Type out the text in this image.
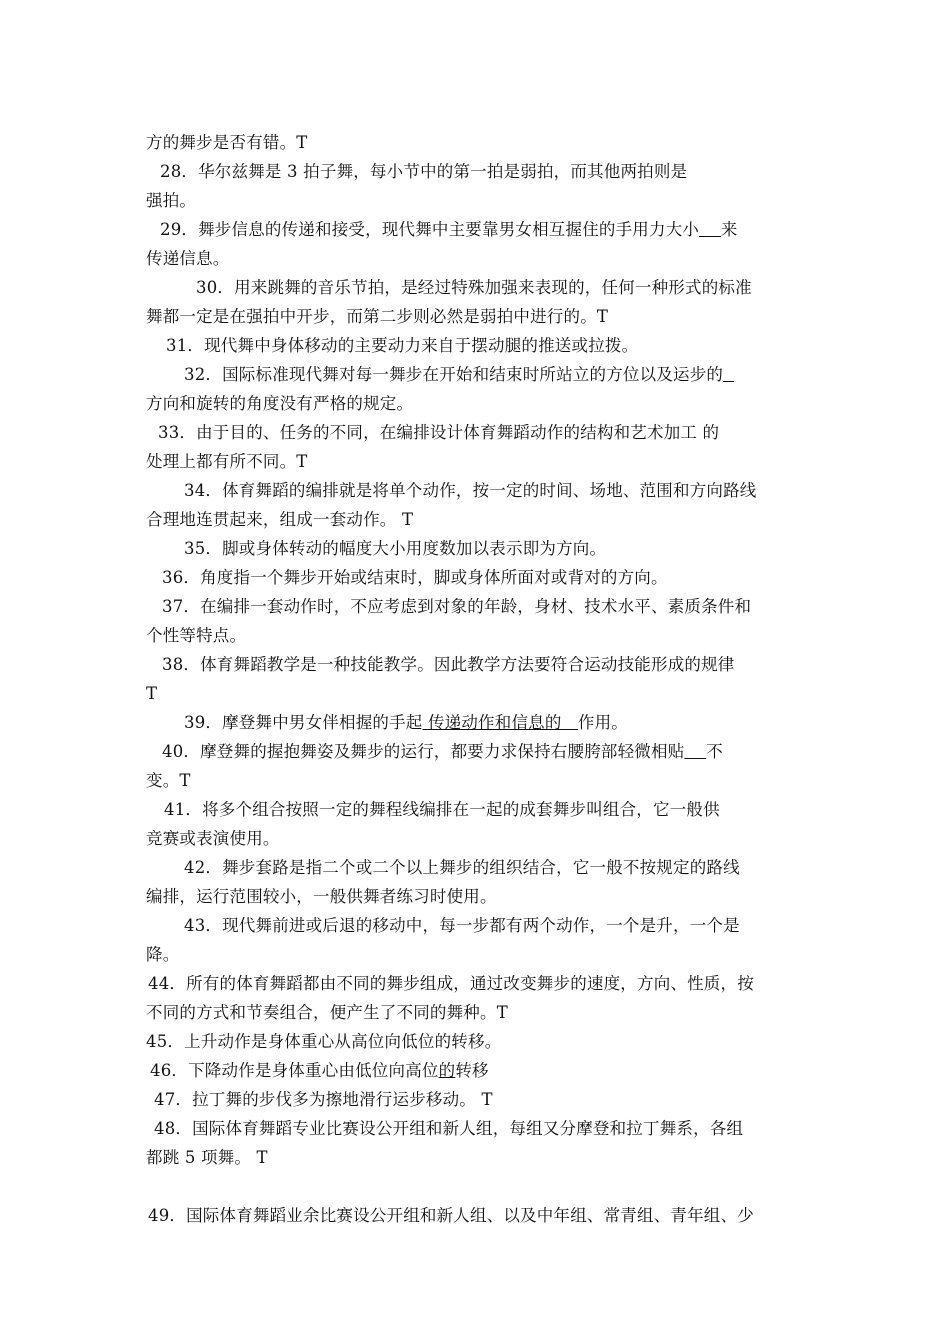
方的舞步是否有错。T
28．华尔兹舞是 3 拍子舞，每小节中的第一拍是弱拍，而其他两拍则是
强拍。
29．舞步信息的传递和接受，现代舞中主要靠男女相互握住的手用力大小 来
传递信息。
30．用来跳舞的音乐节拍，是经过特殊加强来表现的，任何一种形式的标准
舞都一定是在强拍中开步，而第二步则必然是弱拍中进行的。T
31．现代舞中身体移动的主要动力来自于摆动腿的推送或拉拨。
32．国际标准现代舞对每一舞步在开始和结束时所站立的方位以及运步的
方向和旋转的角度没有严格的规定。
33．由于目的、任务的不同，在编排设计体育舞蹈动作的结构和艺术加工 的
处理上都有所不同。T
34．体育舞蹈的编排就是将单个动作，按一定的时间、场地、范围和方向路线
合理地连贯起来，组成一套动作。 T
35．脚或身体转动的幅度大小用度数加以表示即为方向。
36．角度指一个舞步开始或结束时，脚或身体所面对或背对的方向。
37．在编排一套动作时，不应考虑到对象的年龄，身材、技术水平、素质条件和
个性等特点。
38．体育舞蹈教学是一种技能教学。因此教学方法要符合运动技能形成的规律
T
39．摩登舞中男女伴相握的手起 传递动作和信息的 作用。
40．摩登舞的握抱舞姿及舞步的运行，都要力求保持右腰胯部轻微相贴 不
变。T
41．将多个组合按照一定的舞程线编排在一起的成套舞步叫组合，它一般供
竞赛或表演使用。
42．舞步套路是指二个或二个以上舞步的组织结合，它一般不按规定的路线
编排，运行范围较小，一般供舞者练习时使用。
43．现代舞前进或后退的移动中，每一步都有两个动作，一个是升，一个是
降。
44．所有的体育舞蹈都由不同的舞步组成，通过改变舞步的速度，方向、性质，按
不同的方式和节奏组合，便产生了不同的舞种。T
45．上升动作是身体重心从高位向低位的转移。
46．下降动作是身体重心由低位向高位的转移
47．拉丁舞的步伐多为擦地滑行运步移动。 T
48．国际体育舞蹈专业比赛设公开组和新人组，每组又分摩登和拉丁舞系，各组
都跳 5 项舞。 T
49．国际体育舞蹈业余比赛设公开组和新人组、以及中年组、常青组、青年组、少
